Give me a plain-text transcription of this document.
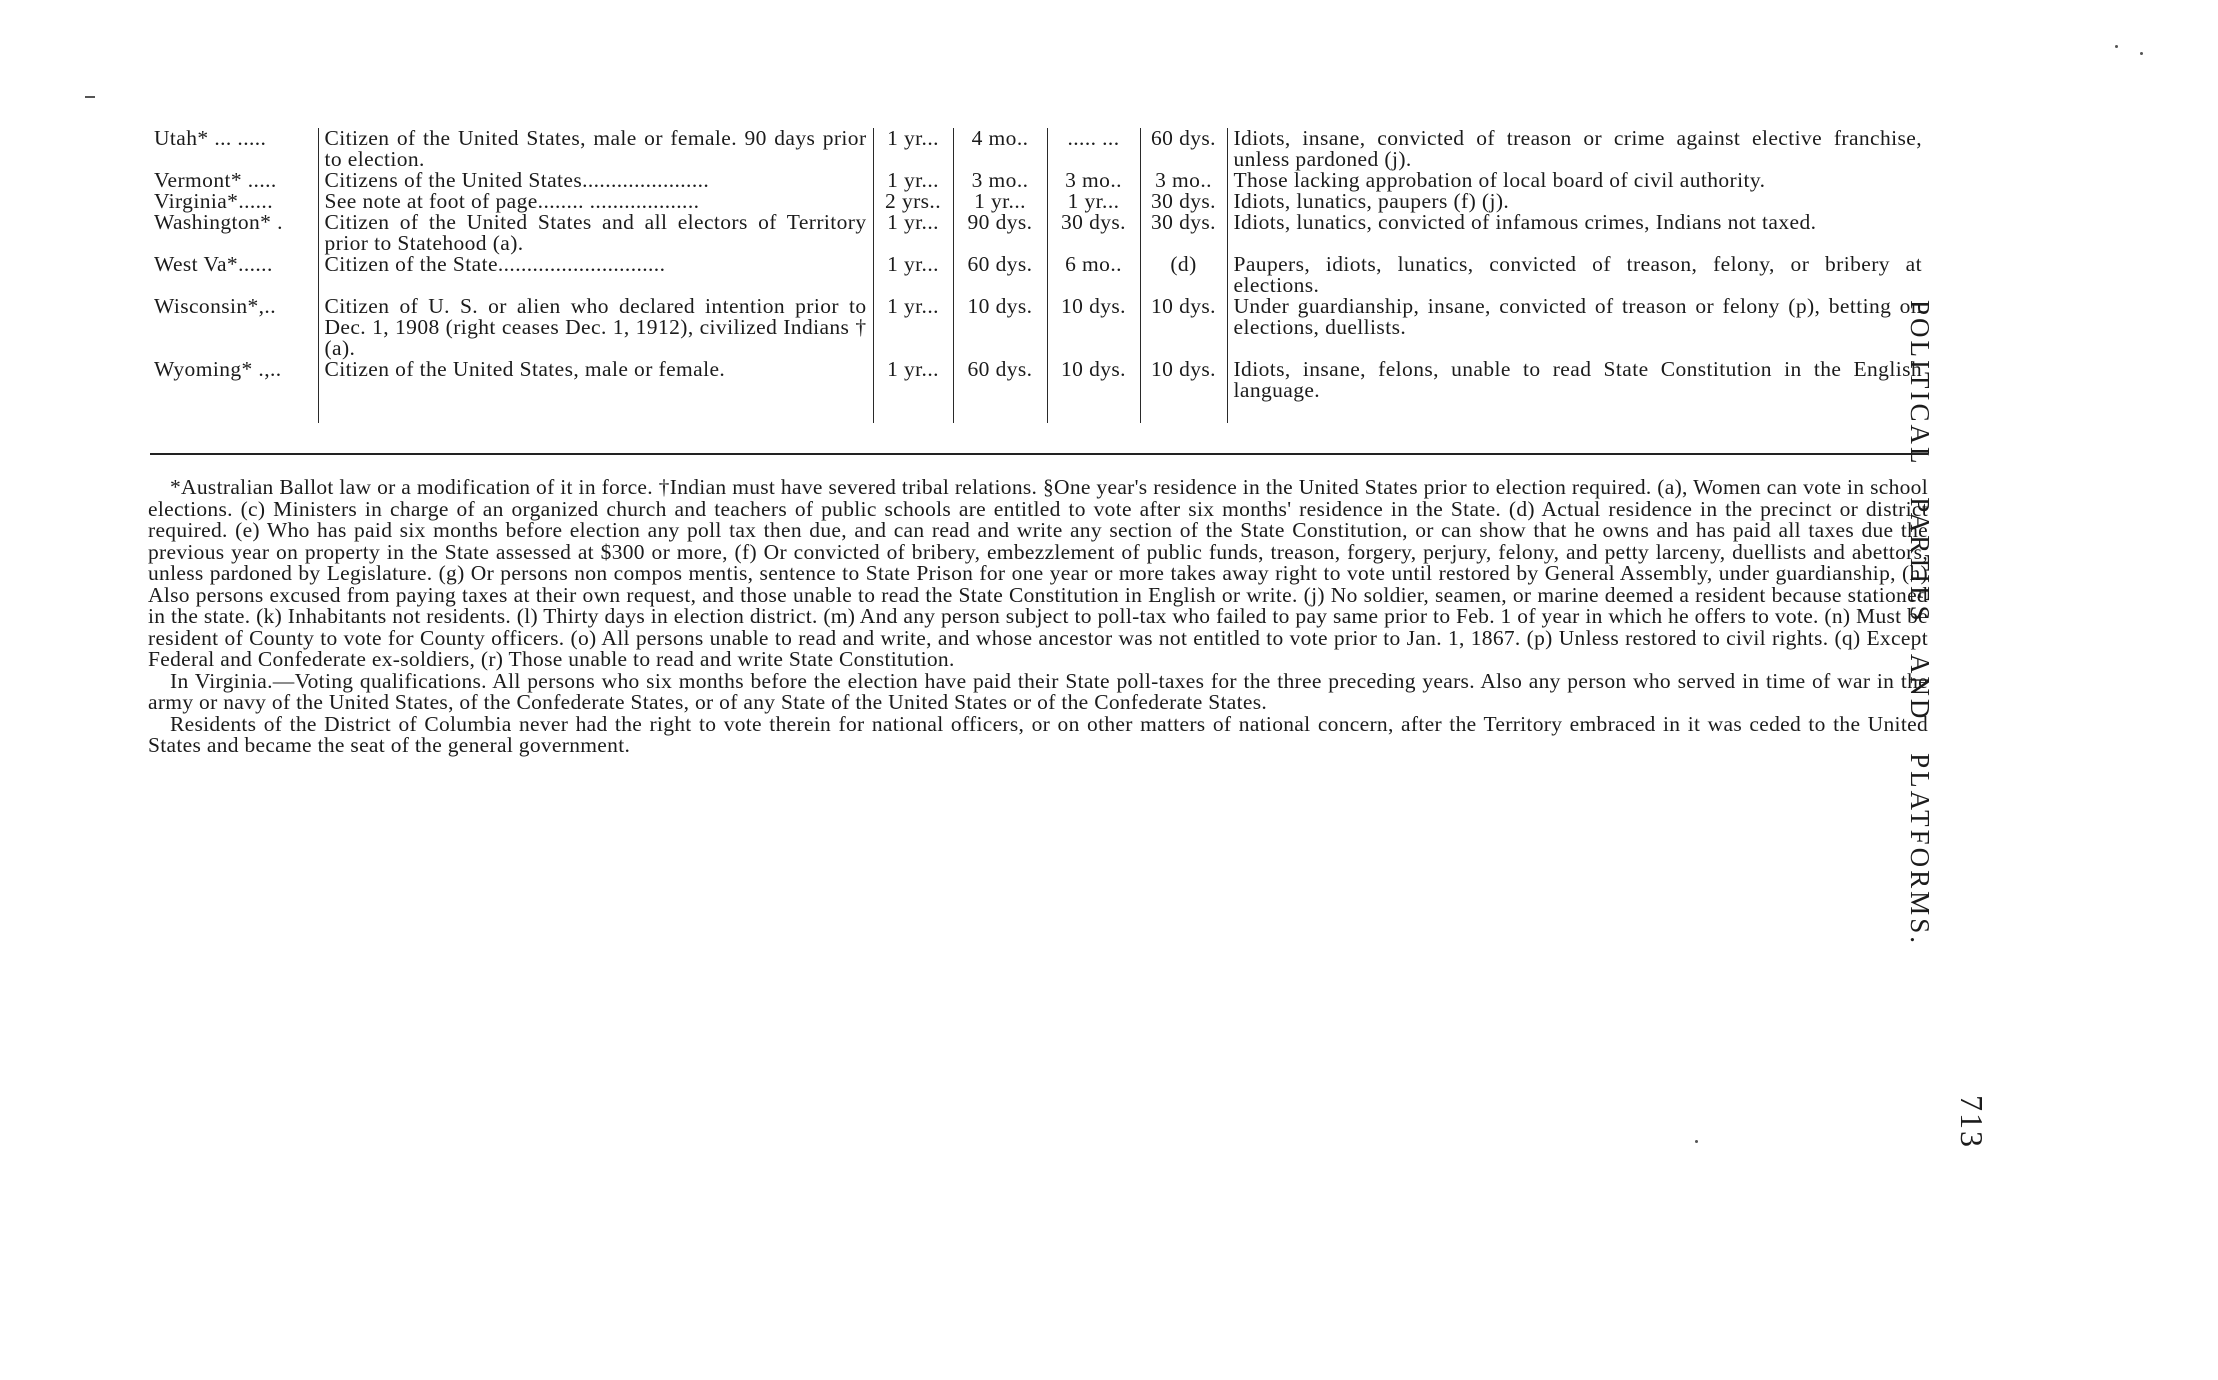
Utah* ... .....	Citizen of the United States, male or female. 90 days prior to election.	1 yr...	4 mo..	..... ...	60 dys.	Idiots, insane, convicted of treason or crime against elective franchise, unless pardoned (j).
Vermont* .....	Citizens of the United States......................	1 yr...	3 mo..	3 mo..	3 mo..	Those lacking approbation of local board of civil authority.
Virginia*......	See note at foot of page........ ...................	2 yrs..	1 yr...	1 yr...	30 dys.	Idiots, lunatics, paupers (f) (j).
Washington* .	Citizen of the United States and all electors of Territory prior to Statehood (a).	1 yr...	90 dys.	30 dys.	30 dys.	Idiots, lunatics, convicted of infamous crimes, Indians not taxed.
West Va*......	Citizen of the State.............................	1 yr...	60 dys.	6 mo..	(d)	Paupers, idiots, lunatics, convicted of treason, felony, or bribery at elections.
Wisconsin*,..	Citizen of U. S. or alien who declared intention prior to Dec. 1, 1908 (right ceases Dec. 1, 1912), civilized Indians † (a).	1 yr...	10 dys.	10 dys.	10 dys.	Under guardianship, insane, convicted of treason or felony (p), betting on elections, duellists.
Wyoming* .,..	Citizen of the United States, male or female.	1 yr...	60 dys.	10 dys.	10 dys.	Idiots, insane, felons, unable to read State Constitution in the English language.

*Australian Ballot law or a modification of it in force. †Indian must have severed tribal relations. §One year's residence in the United States prior to election required. (a), Women can vote in school elections. (c) Ministers in charge of an organized church and teachers of public schools are entitled to vote after six months' residence in the State. (d) Actual residence in the precinct or district required. (e) Who has paid six months before election any poll tax then due, and can read and write any section of the State Constitution, or can show that he owns and has paid all taxes due the previous year on property in the State assessed at $300 or more, (f) Or convicted of bribery, embezzlement of public funds, treason, forgery, perjury, felony, and petty larceny, duellists and abettors, unless pardoned by Legislature. (g) Or persons non compos mentis, sentence to State Prison for one year or more takes away right to vote until restored by General Assembly, under guardianship, (h) Also persons excused from paying taxes at their own request, and those unable to read the State Constitution in English or write. (j) No soldier, seamen, or marine deemed a resident because stationed in the state. (k) Inhabitants not residents. (l) Thirty days in election district. (m) And any person subject to poll-tax who failed to pay same prior to Feb. 1 of year in which he offers to vote. (n) Must be resident of County to vote for County officers. (o) All persons unable to read and write, and whose ancestor was not entitled to vote prior to Jan. 1, 1867. (p) Unless restored to civil rights. (q) Except Federal and Confederate ex-soldiers, (r) Those unable to read and write State Constitution.

In Virginia.—Voting qualifications. All persons who six months before the election have paid their State poll-taxes for the three preceding years. Also any person who served in time of war in the army or navy of the United States, of the Confederate States, or of any State of the United States or of the Confederate States.

Residents of the District of Columbia never had the right to vote therein for national officers, or on other matters of national concern, after the Territory embraced in it was ceded to the United States and became the seat of the general government.	POLITICAL PARTIES AND PLATFORMS.
713
